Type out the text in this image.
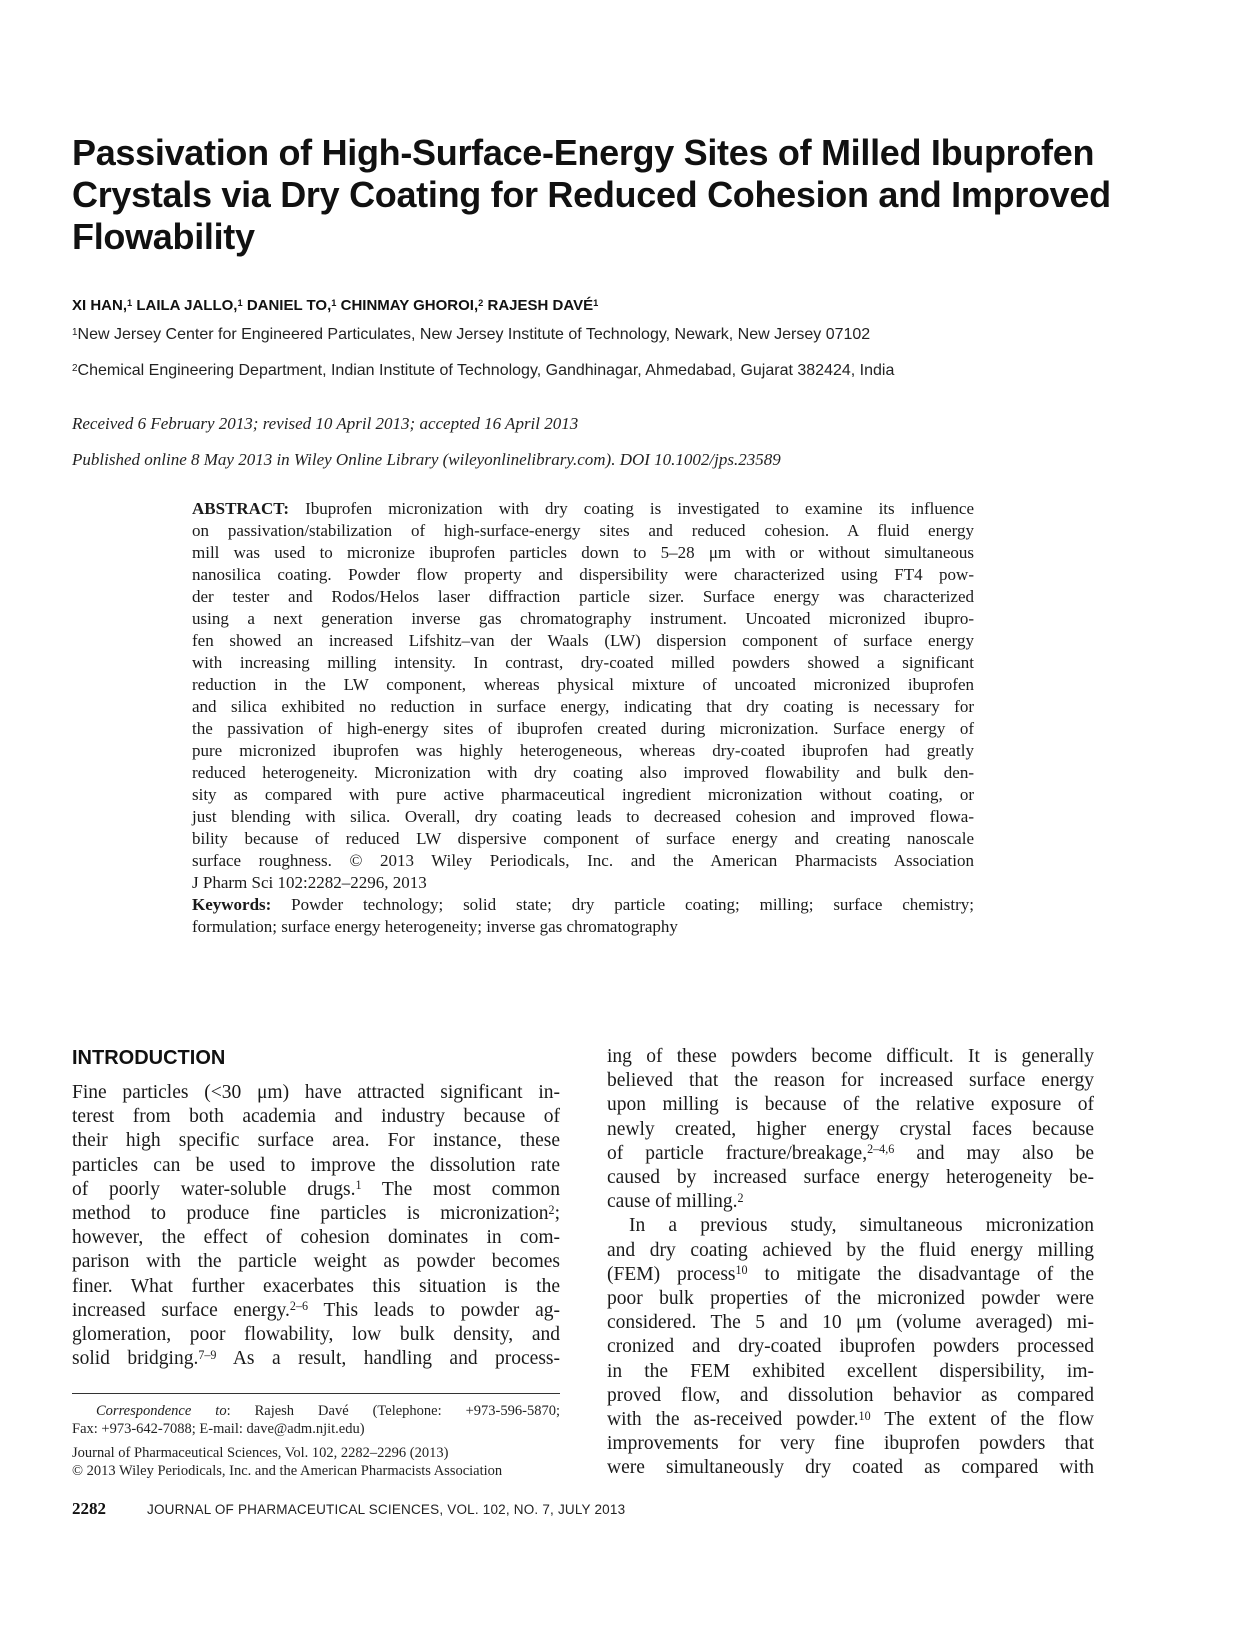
Passivation of High-Surface-Energy Sites of Milled Ibuprofen
Crystals via Dry Coating for Reduced Cohesion and Improved
Flowability
XI HAN,$^1$ LAILA JALLO,$^1$ DANIEL TO,$^1$ CHINMAY GHOROI,$^2$ RAJESH DAVÉ$^1$
$^1$New Jersey Center for Engineered Particulates, New Jersey Institute of Technology, Newark, New Jersey 07102
$^2$Chemical Engineering Department, Indian Institute of Technology, Gandhinagar, Ahmedabad, Gujarat 382424, India
Received 6 February 2013; revised 10 April 2013; accepted 16 April 2013
Published online 8 May 2013 in Wiley Online Library (wileyonlinelibrary.com). DOI 10.1002/jps.23589
ABSTRACT: Ibuprofen micronization with dry coating is investigated to examine its influence
on passivation/stabilization of high-surface-energy sites and reduced cohesion. A fluid energy
mill was used to micronize ibuprofen particles down to 5–28 μm with or without simultaneous
nanosilica coating. Powder flow property and dispersibility were characterized using FT4 pow-
der tester and Rodos/Helos laser diffraction particle sizer. Surface energy was characterized
using a next generation inverse gas chromatography instrument. Uncoated micronized ibupro-
fen showed an increased Lifshitz–van der Waals (LW) dispersion component of surface energy
with increasing milling intensity. In contrast, dry-coated milled powders showed a significant
reduction in the LW component, whereas physical mixture of uncoated micronized ibuprofen
and silica exhibited no reduction in surface energy, indicating that dry coating is necessary for
the passivation of high-energy sites of ibuprofen created during micronization. Surface energy of
pure micronized ibuprofen was highly heterogeneous, whereas dry-coated ibuprofen had greatly
reduced heterogeneity. Micronization with dry coating also improved flowability and bulk den-
sity as compared with pure active pharmaceutical ingredient micronization without coating, or
just blending with silica. Overall, dry coating leads to decreased cohesion and improved flowa-
bility because of reduced LW dispersive component of surface energy and creating nanoscale
surface roughness. © 2013 Wiley Periodicals, Inc. and the American Pharmacists Association
J Pharm Sci 102:2282–2296, 2013
Keywords: Powder technology; solid state; dry particle coating; milling; surface chemistry;
formulation; surface energy heterogeneity; inverse gas chromatography
INTRODUCTION
Fine particles (<30 μm) have attracted significant in-
terest from both academia and industry because of
their high specific surface area. For instance, these
particles can be used to improve the dissolution rate
of poorly water-soluble drugs.$^1$ The most common
method to produce fine particles is micronization$^2$;
however, the effect of cohesion dominates in com-
parison with the particle weight as powder becomes
finer. What further exacerbates this situation is the
increased surface energy.$^{2-6}$ This leads to powder ag-
glomeration, poor flowability, low bulk density, and
solid bridging.$^{7-9}$ As a result, handling and process-
ing of these powders become difficult. It is generally
believed that the reason for increased surface energy
upon milling is because of the relative exposure of
newly created, higher energy crystal faces because
of particle fracture/breakage,$^{2-4,6}$ and may also be
caused by increased surface energy heterogeneity be-
cause of milling.$^2$
In a previous study, simultaneous micronization
and dry coating achieved by the fluid energy milling
(FEM) process$^{10}$ to mitigate the disadvantage of the
poor bulk properties of the micronized powder were
considered. The 5 and 10 μm (volume averaged) mi-
cronized and dry-coated ibuprofen powders processed
in the FEM exhibited excellent dispersibility, im-
proved flow, and dissolution behavior as compared
with the as-received powder.$^{10}$ The extent of the flow
improvements for very fine ibuprofen powders that
were simultaneously dry coated as compared with
Correspondence to: Rajesh Davé (Telephone: +973-596-5870;
Fax: +973-642-7088; E-mail: dave@adm.njit.edu)
Journal of Pharmaceutical Sciences, Vol. 102, 2282–2296 (2013)
© 2013 Wiley Periodicals, Inc. and the American Pharmacists Association
2282	JOURNAL OF PHARMACEUTICAL SCIENCES, VOL. 102, NO. 7, JULY 2013
